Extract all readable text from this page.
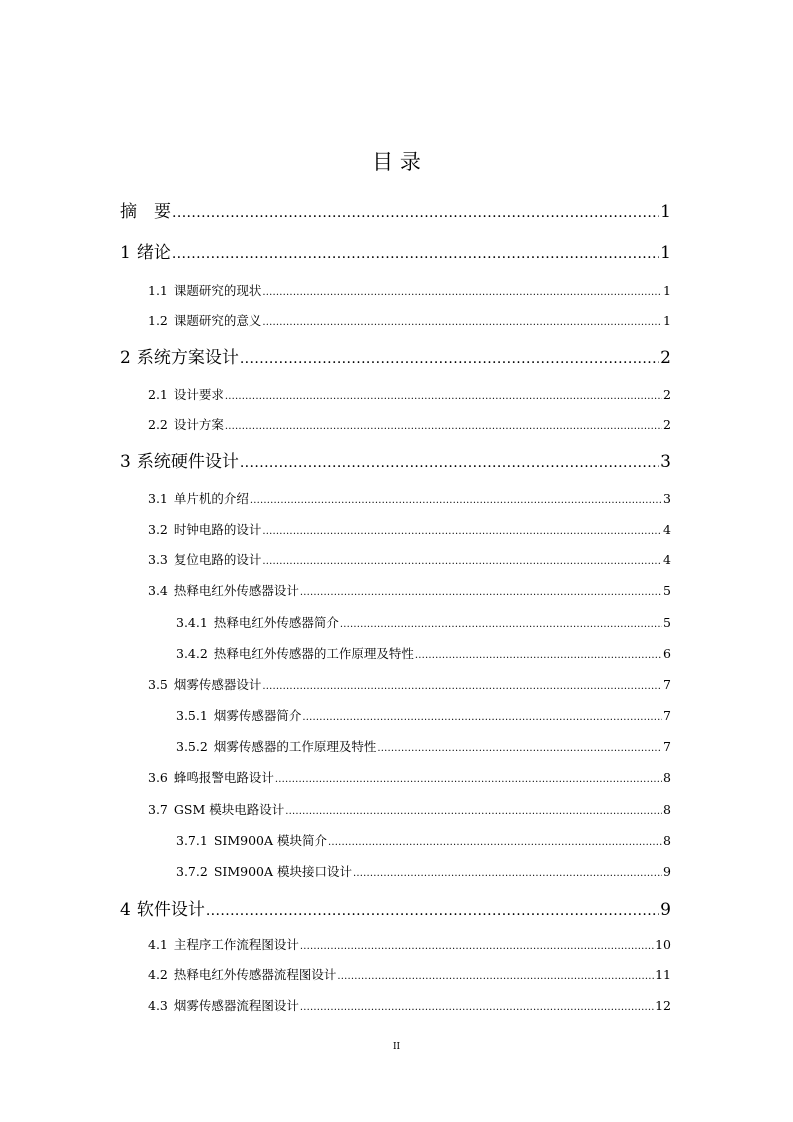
目 录
摘　要 .....	1
1 绪论 .....	1
1.1 课题研究的现状 .....	1
1.2 课题研究的意义 .....	1
2 系统方案设计 .....	2
2.1 设计要求 .....	2
2.2 设计方案 .....	2
3 系统硬件设计 .....	3
3.1 单片机的介绍 .....	3
3.2 时钟电路的设计 .....	4
3.3 复位电路的设计 .....	4
3.4 热释电红外传感器设计 .....	5
3.4.1 热释电红外传感器简介 .....	5
3.4.2 热释电红外传感器的工作原理及特性 .....	6
3.5 烟雾传感器设计 .....	7
3.5.1 烟雾传感器简介 .....	7
3.5.2 烟雾传感器的工作原理及特性 .....	7
3.6 蜂鸣报警电路设计 .....	8
3.7 GSM 模块电路设计 .....	8
3.7.1 SIM900A 模块简介 .....	8
3.7.2 SIM900A 模块接口设计 .....	9
4 软件设计 .....	9
4.1 主程序工作流程图设计 .....	10
4.2 热释电红外传感器流程图设计 .....	11
4.3 烟雾传感器流程图设计 .....	12
II
